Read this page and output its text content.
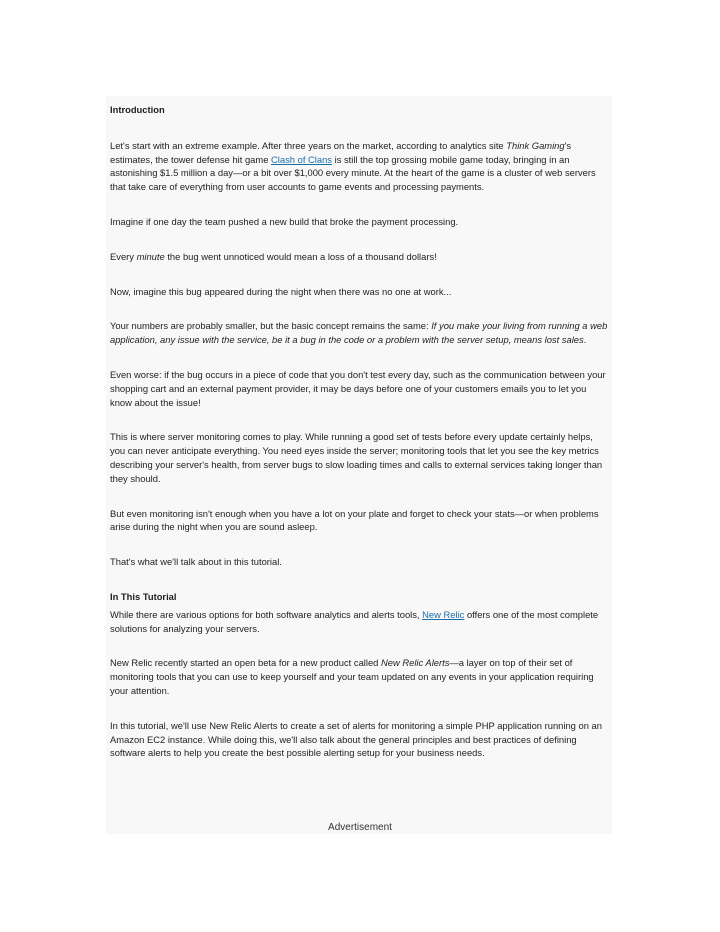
Introduction

Let's start with an extreme example. After three years on the market, according to analytics site Think Gaming's estimates, the tower defense hit game Clash of Clans is still the top grossing mobile game today, bringing in an astonishing $1.5 million a day—or a bit over $1,000 every minute. At the heart of the game is a cluster of web servers that take care of everything from user accounts to game events and processing payments.

Imagine if one day the team pushed a new build that broke the payment processing.

Every minute the bug went unnoticed would mean a loss of a thousand dollars!

Now, imagine this bug appeared during the night when there was no one at work...

Your numbers are probably smaller, but the basic concept remains the same: If you make your living from running a web application, any issue with the service, be it a bug in the code or a problem with the server setup, means lost sales.

Even worse: if the bug occurs in a piece of code that you don't test every day, such as the communication between your shopping cart and an external payment provider, it may be days before one of your customers emails you to let you know about the issue!

This is where server monitoring comes to play. While running a good set of tests before every update certainly helps, you can never anticipate everything. You need eyes inside the server; monitoring tools that let you see the key metrics describing your server's health, from server bugs to slow loading times and calls to external services taking longer than they should.

But even monitoring isn't enough when you have a lot on your plate and forget to check your stats—or when problems arise during the night when you are sound asleep.

That's what we'll talk about in this tutorial.

In This Tutorial

While there are various options for both software analytics and alerts tools, New Relic offers one of the most complete solutions for analyzing your servers.

New Relic recently started an open beta for a new product called New Relic Alerts—a layer on top of their set of monitoring tools that you can use to keep yourself and your team updated on any events in your application requiring your attention.

In this tutorial, we'll use New Relic Alerts to create a set of alerts for monitoring a simple PHP application running on an Amazon EC2 instance. While doing this, we'll also talk about the general principles and best practices of defining software alerts to help you create the best possible alerting setup for your business needs.

Advertisement
